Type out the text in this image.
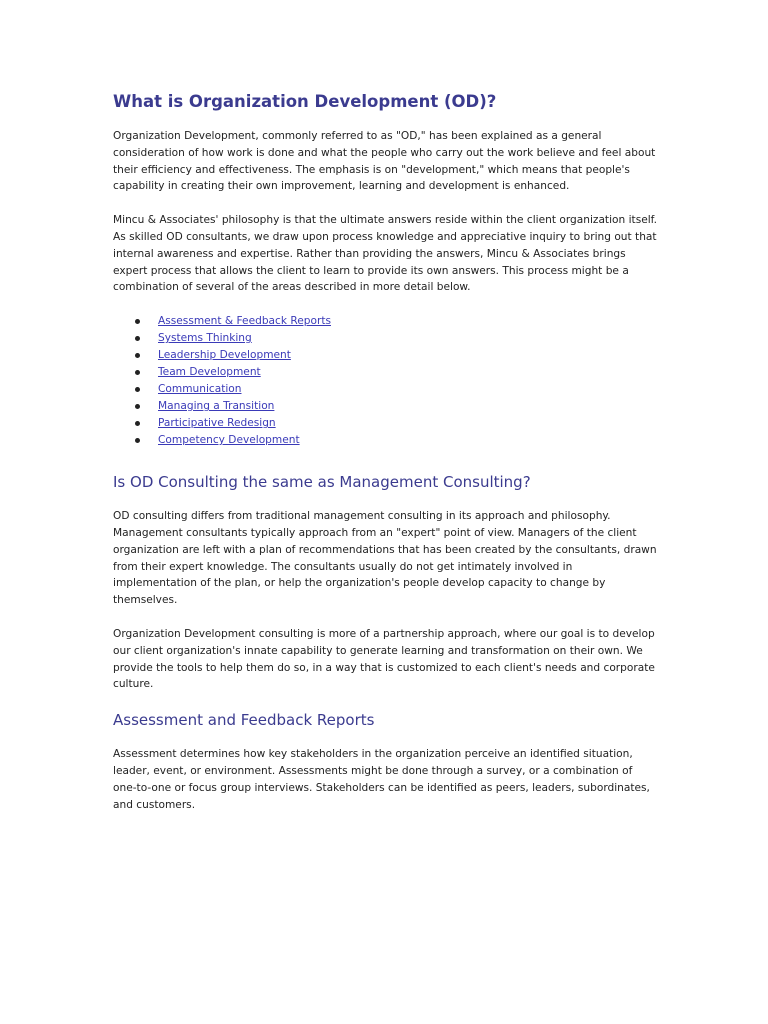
What is Organization Development (OD)?

Organization Development, commonly referred to as "OD," has been explained as a general consideration of how work is done and what the people who carry out the work believe and feel about their efficiency and effectiveness. The emphasis is on "development," which means that people's capability in creating their own improvement, learning and development is enhanced.

Mincu & Associates' philosophy is that the ultimate answers reside within the client organization itself. As skilled OD consultants, we draw upon process knowledge and appreciative inquiry to bring out that internal awareness and expertise. Rather than providing the answers, Mincu & Associates brings expert process that allows the client to learn to provide its own answers. This process might be a combination of several of the areas described in more detail below.

Assessment & Feedback Reports
Systems Thinking
Leadership Development
Team Development
Communication
Managing a Transition
Participative Redesign
Competency Development
Is OD Consulting the same as Management Consulting?

OD consulting differs from traditional management consulting in its approach and philosophy. Management consultants typically approach from an "expert" point of view. Managers of the client organization are left with a plan of recommendations that has been created by the consultants, drawn from their expert knowledge. The consultants usually do not get intimately involved in implementation of the plan, or help the organization's people develop capacity to change by themselves.

Organization Development consulting is more of a partnership approach, where our goal is to develop our client organization's innate capability to generate learning and transformation on their own. We provide the tools to help them do so, in a way that is customized to each client's needs and corporate culture.

Assessment and Feedback Reports

Assessment determines how key stakeholders in the organization perceive an identified situation, leader, event, or environment. Assessments might be done through a survey, or a combination of one-to-one or focus group interviews. Stakeholders can be identified as peers, leaders, subordinates, and customers.
